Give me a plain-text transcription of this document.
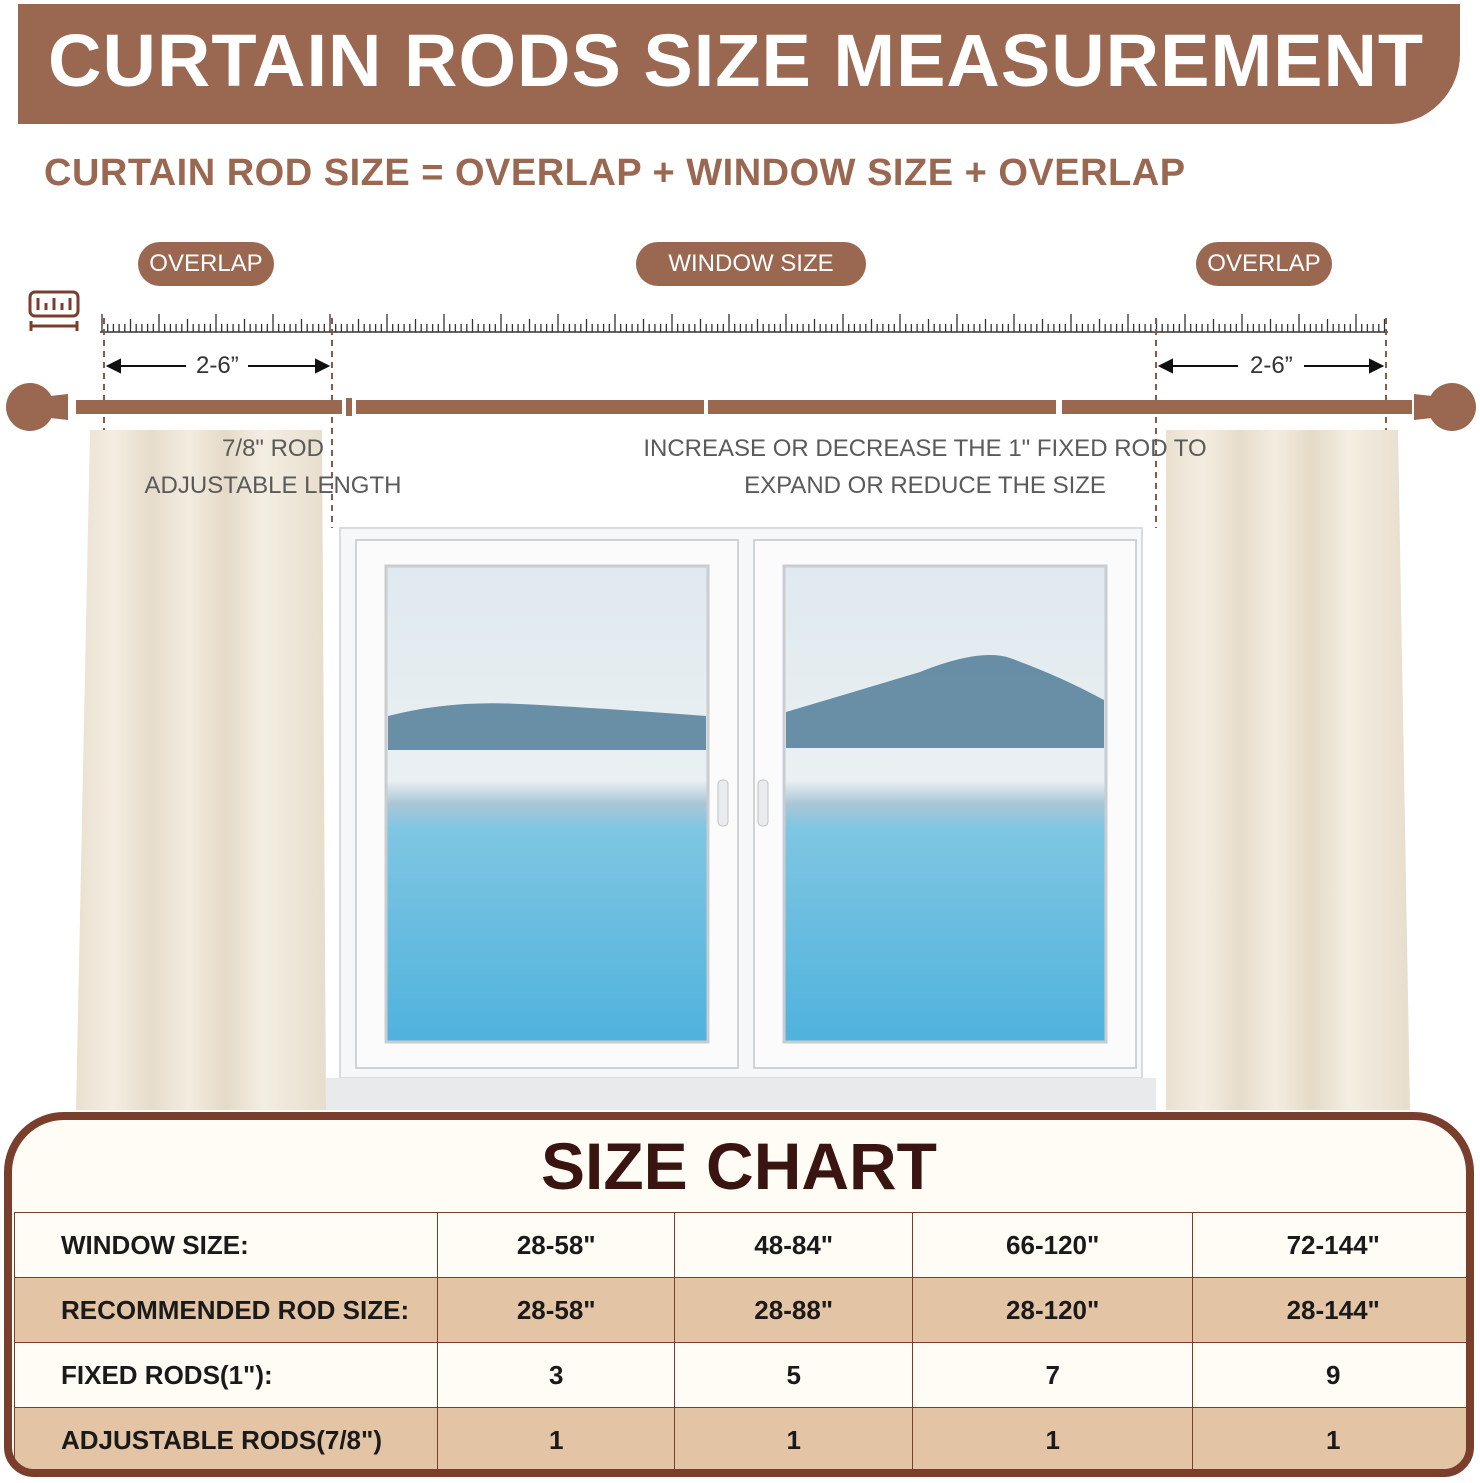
CURTAIN RODS SIZE MEASUREMENT
CURTAIN ROD SIZE = OVERLAP + WINDOW SIZE + OVERLAP
OVERLAP	WINDOW SIZE	OVERLAP
2-6”	2-6”
7/8" ROD
ADJUSTABLE LENGTH
INCREASE OR DECREASE THE 1" FIXED ROD TO
EXPAND OR REDUCE THE SIZE
SIZE CHART
WINDOW SIZE:	28-58"	48-84"	66-120"	72-144"
RECOMMENDED ROD SIZE:	28-58"	28-88"	28-120"	28-144"
FIXED RODS(1"):	3	5	7	9
ADJUSTABLE RODS(7/8")	1	1	1	1
